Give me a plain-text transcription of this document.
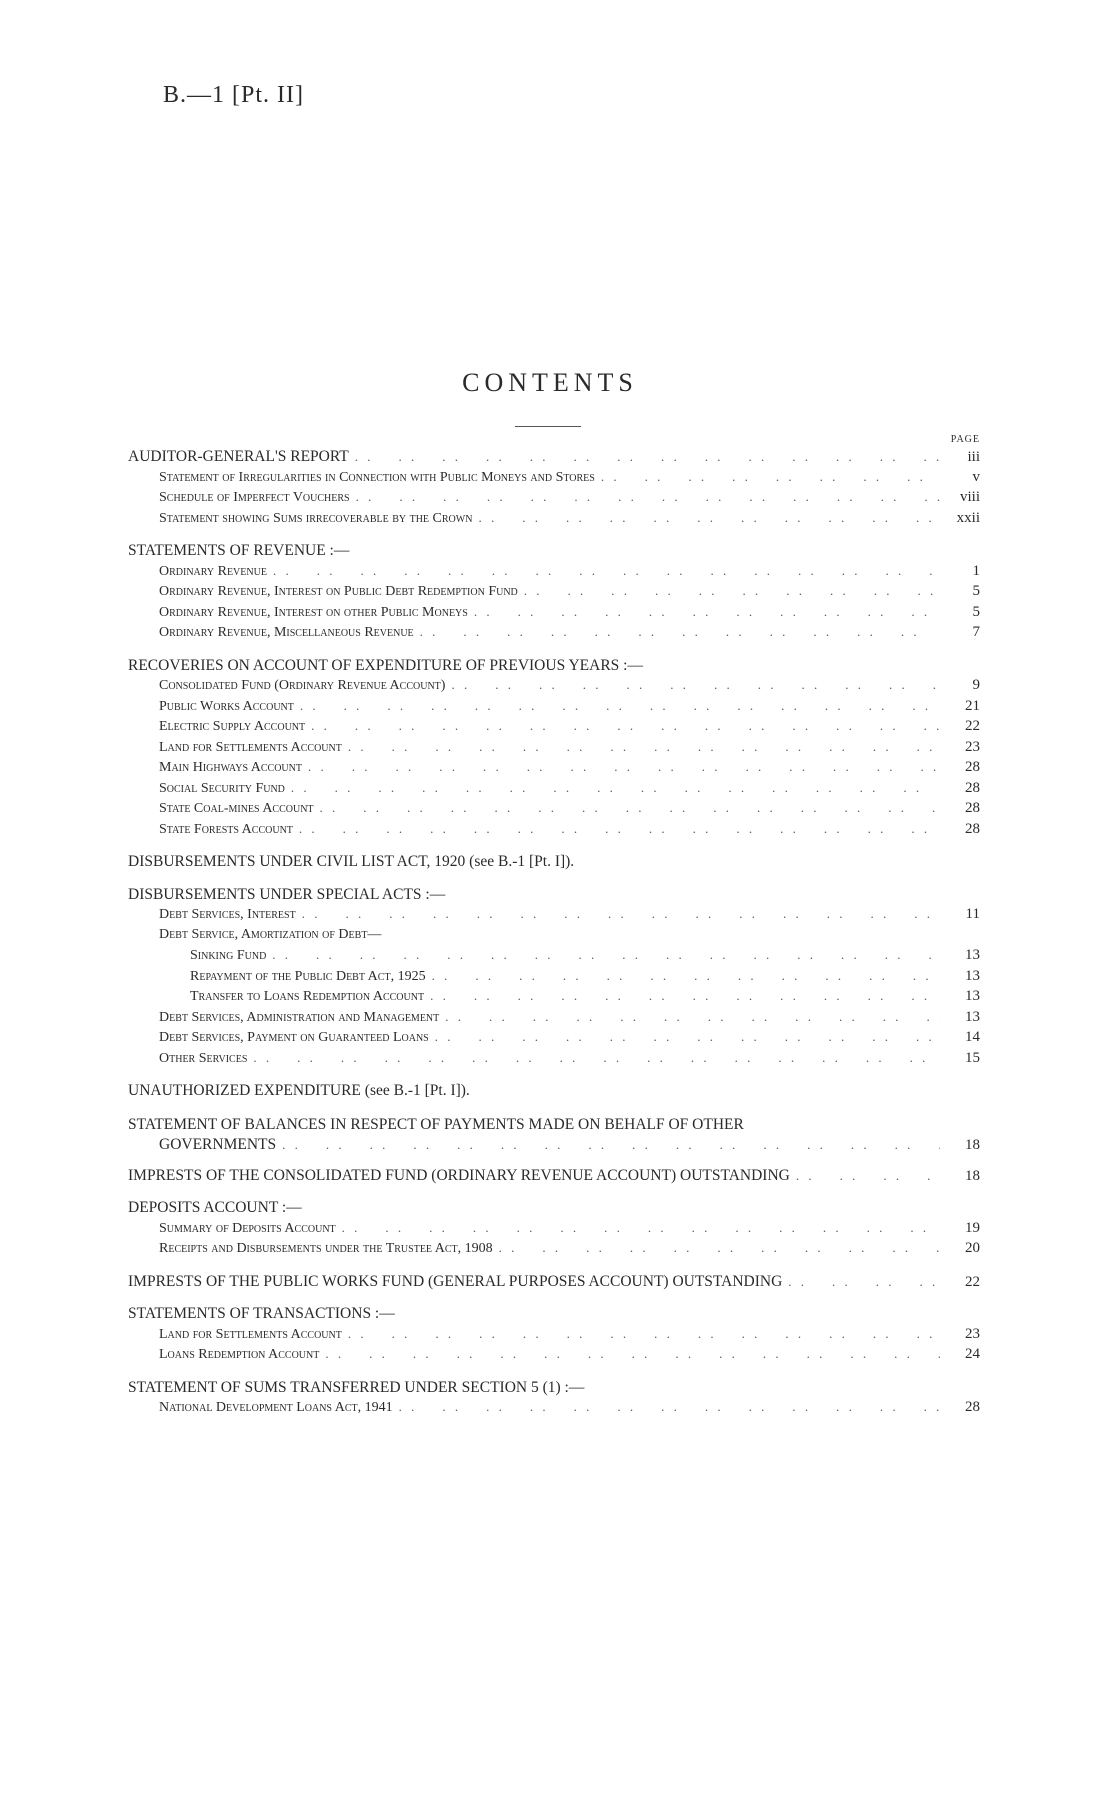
B.—1 [Pt. II]
CONTENTS
PAGE
AUDITOR-GENERAL'S REPORT . .	iii
Statement of Irregularities in Connection with Public Moneys and Stores . .	v
Schedule of Imperfect Vouchers . .	viii
Statement showing Sums irrecoverable by the Crown . .	xxii
STATEMENTS OF REVENUE :—
Ordinary Revenue . .	1
Ordinary Revenue, Interest on Public Debt Redemption Fund . .	5
Ordinary Revenue, Interest on other Public Moneys . .	5
Ordinary Revenue, Miscellaneous Revenue . .	7
RECOVERIES ON ACCOUNT OF EXPENDITURE OF PREVIOUS YEARS :—
Consolidated Fund (Ordinary Revenue Account) . .	9
Public Works Account . .	21
Electric Supply Account . .	22
Land for Settlements Account . .	23
Main Highways Account . .	28
Social Security Fund . .	28
State Coal-mines Account . .	28
State Forests Account . .	28
DISBURSEMENTS UNDER CIVIL LIST ACT, 1920 (see B.-1 [Pt. I]).
DISBURSEMENTS UNDER SPECIAL ACTS :—
Debt Services, Interest . .	11
Debt Service, Amortization of Debt—
Sinking Fund . .	13
Repayment of the Public Debt Act, 1925 . .	13
Transfer to Loans Redemption Account . .	13
Debt Services, Administration and Management . .	13
Debt Services, Payment on Guaranteed Loans . .	14
Other Services . .	15
UNAUTHORIZED EXPENDITURE (see B.-1 [Pt. I]).
STATEMENT OF BALANCES IN RESPECT OF PAYMENTS MADE ON BEHALF OF OTHER
GOVERNMENTS . .	18
IMPRESTS OF THE CONSOLIDATED FUND (ORDINARY REVENUE ACCOUNT) OUTSTANDING . .	18
DEPOSITS ACCOUNT :—
Summary of Deposits Account . .	19
Receipts and Disbursements under the Trustee Act, 1908 . .	20
IMPRESTS OF THE PUBLIC WORKS FUND (GENERAL PURPOSES ACCOUNT) OUTSTANDING . .	22
STATEMENTS OF TRANSACTIONS :—
Land for Settlements Account . .	23
Loans Redemption Account . .	24
STATEMENT OF SUMS TRANSFERRED UNDER SECTION 5 (1) :—
National Development Loans Act, 1941 . .	28
